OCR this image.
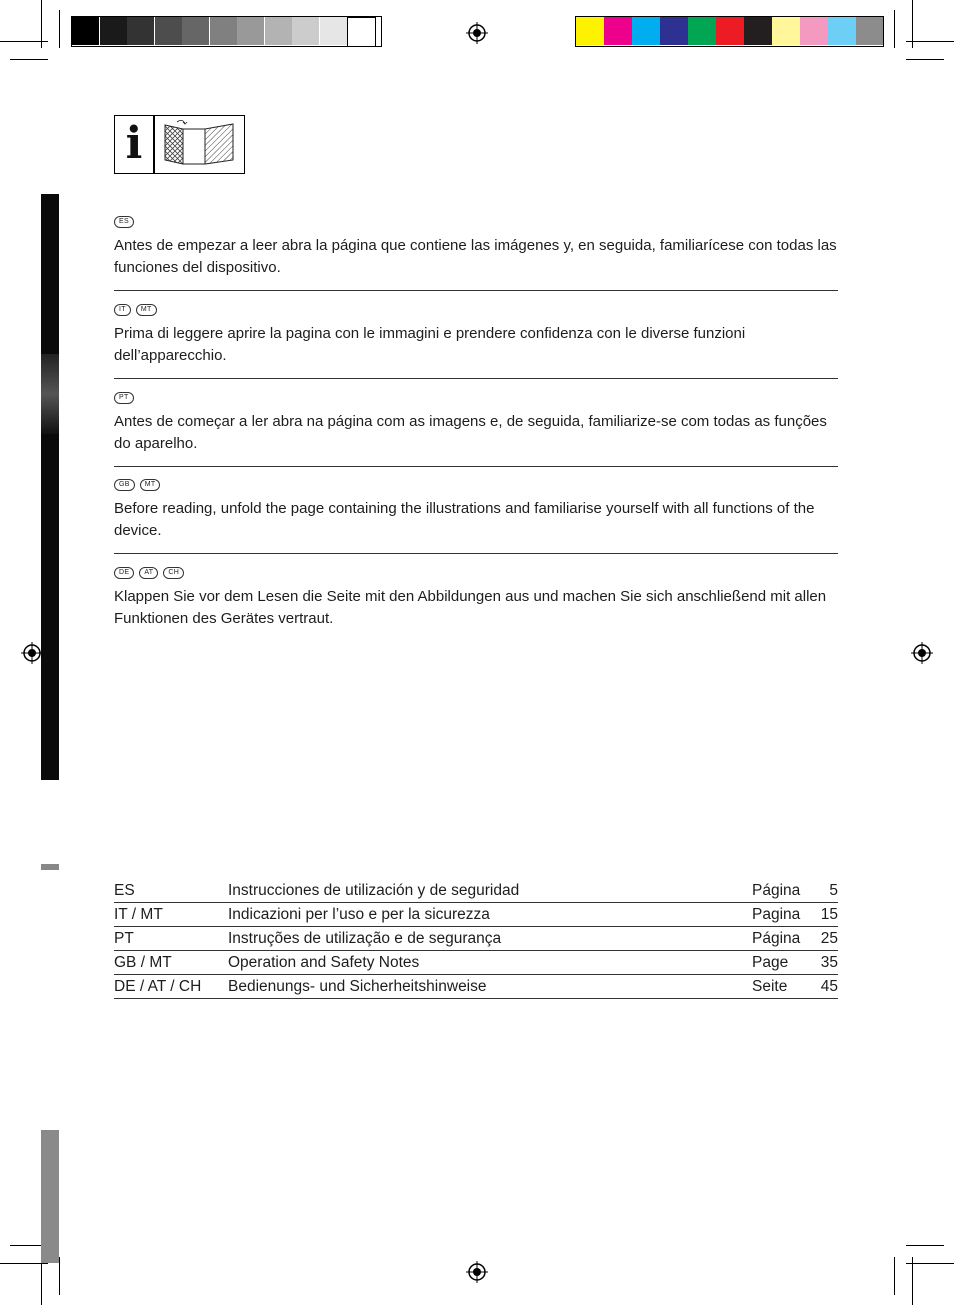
i
ES
Antes de empezar a leer abra la página que contiene las imágenes y, en seguida, familiarícese con todas las funciones del dispositivo.
IT	MT
Prima di leggere aprire la pagina con le immagini e prendere confidenza con le diverse funzioni dell’apparecchio.
PT
Antes de começar a ler abra na página com as imagens e, de seguida, familiarize-se com todas as funções do aparelho.
GB	MT
Before reading, unfold the page containing the illustrations and familiarise yourself with all functions of the device.
DE	AT	CH
Klappen Sie vor dem Lesen die Seite mit den Abbildungen aus und machen Sie sich anschließend mit allen Funktionen des Gerätes vertraut.
ES	Instrucciones de utilización y de seguridad	Página	5
IT / MT	Indicazioni per l’uso e per la sicurezza	Pagina	15
PT	Instruções de utilização e de segurança	Página	25
GB / MT	Operation and Safety Notes	Page	35
DE / AT / CH	Bedienungs- und Sicherheitshinweise	Seite	45
